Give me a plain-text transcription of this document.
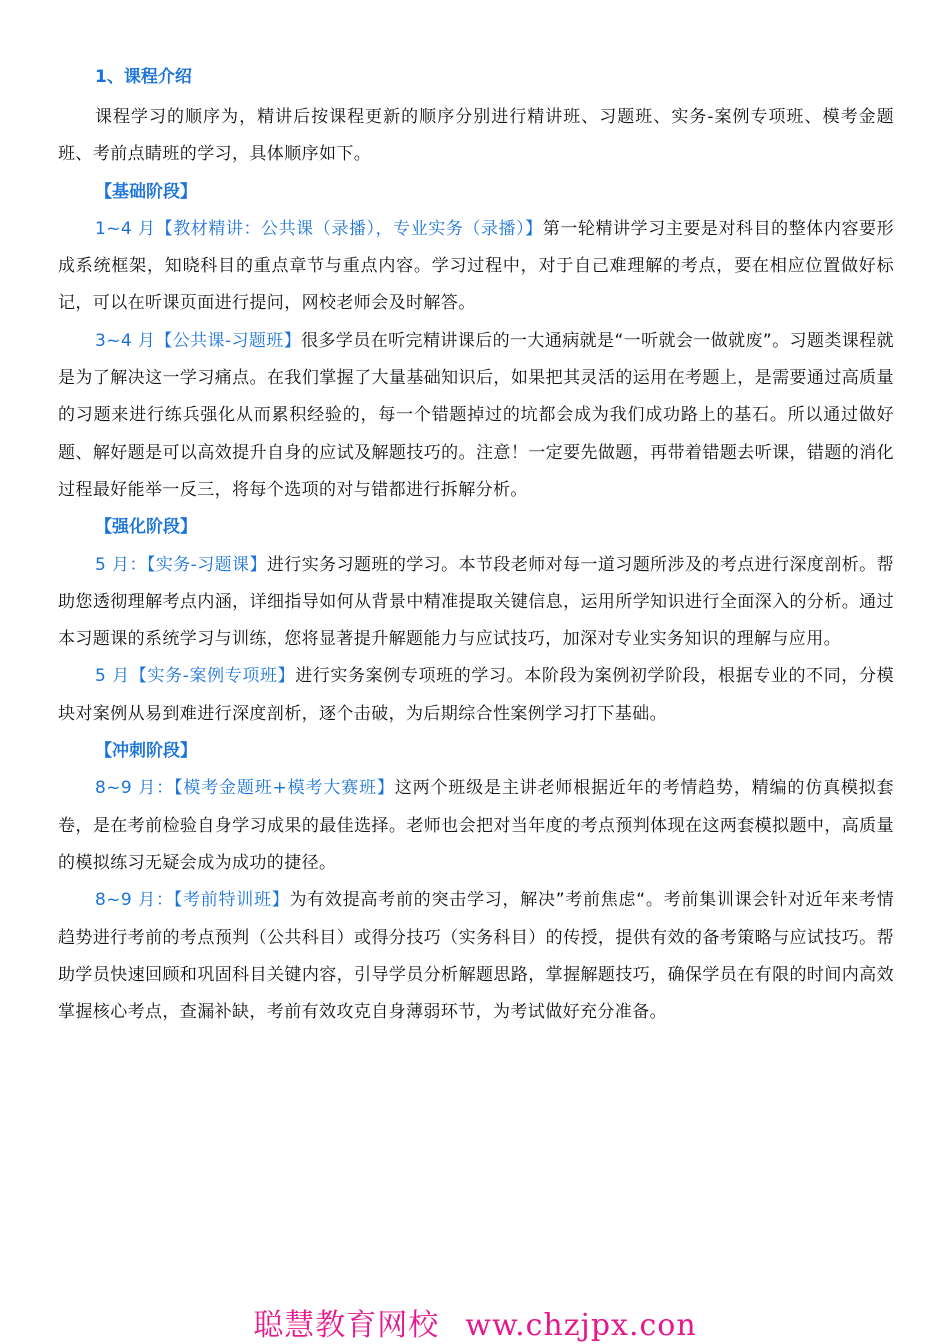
1、课程介绍

课程学习的顺序为，精讲后按课程更新的顺序分别进行精讲班、习题班、实务-案例专项班、模考金题班、考前点睛班的学习，具体顺序如下。

【基础阶段】

1~4 月【教材精讲：公共课（录播），专业实务（录播）】第一轮精讲学习主要是对科目的整体内容要形成系统框架，知晓科目的重点章节与重点内容。学习过程中，对于自己难理解的考点，要在相应位置做好标记，可以在听课页面进行提问，网校老师会及时解答。

3~4 月【公共课-习题班】很多学员在听完精讲课后的一大通病就是“一听就会一做就废”。习题类课程就是为了解决这一学习痛点。在我们掌握了大量基础知识后，如果把其灵活的运用在考题上，是需要通过高质量的习题来进行练兵强化从而累积经验的，每一个错题掉过的坑都会成为我们成功路上的基石。所以通过做好题、解好题是可以高效提升自身的应试及解题技巧的。注意！一定要先做题，再带着错题去听课，错题的消化过程最好能举一反三，将每个选项的对与错都进行拆解分析。

【强化阶段】

5 月：【实务-习题课】进行实务习题班的学习。本节段老师对每一道习题所涉及的考点进行深度剖析。帮助您透彻理解考点内涵，详细指导如何从背景中精准提取关键信息，运用所学知识进行全面深入的分析。通过本习题课的系统学习与训练，您将显著提升解题能力与应试技巧，加深对专业实务知识的理解与应用。

5 月【实务-案例专项班】进行实务案例专项班的学习。本阶段为案例初学阶段，根据专业的不同，分模块对案例从易到难进行深度剖析，逐个击破，为后期综合性案例学习打下基础。

【冲刺阶段】

8~9 月：【模考金题班+模考大赛班】这两个班级是主讲老师根据近年的考情趋势，精编的仿真模拟套卷，是在考前检验自身学习成果的最佳选择。老师也会把对当年度的考点预判体现在这两套模拟题中，高质量的模拟练习无疑会成为成功的捷径。

8~9 月：【考前特训班】为有效提高考前的突击学习，解决”考前焦虑“。考前集训课会针对近年来考情趋势进行考前的考点预判（公共科目）或得分技巧（实务科目）的传授，提供有效的备考策略与应试技巧。帮助学员快速回顾和巩固科目关键内容，引导学员分析解题思路，掌握解题技巧，确保学员在有限的时间内高效掌握核心考点，查漏补缺，考前有效攻克自身薄弱环节，为考试做好充分准备。

聪慧教育网校 ww.chzjpx.con
